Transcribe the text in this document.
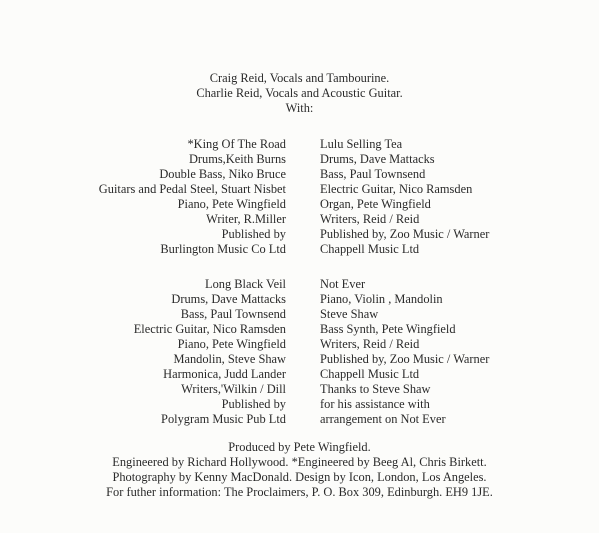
Craig Reid, Vocals and Tambourine.
Charlie Reid, Vocals and Acoustic Guitar.
With:
*King Of The Road
Drums,Keith Burns
Double Bass, Niko Bruce
Guitars and Pedal Steel, Stuart Nisbet
Piano, Pete Wingfield
Writer, R.Miller
Published by
Burlington Music Co Ltd
Lulu Selling Tea
Drums, Dave Mattacks
Bass, Paul Townsend
Electric Guitar, Nico Ramsden
Organ, Pete Wingfield
Writers, Reid / Reid
Published by, Zoo Music / Warner
Chappell Music Ltd
Long Black Veil
Drums, Dave Mattacks
Bass, Paul Townsend
Electric Guitar, Nico Ramsden
Piano, Pete Wingfield
Mandolin, Steve Shaw
Harmonica, Judd Lander
Writers,'Wilkin / Dill
Published by
Polygram Music Pub Ltd
Not Ever
Piano, Violin , Mandolin
Steve Shaw
Bass Synth, Pete Wingfield
Writers, Reid / Reid
Published by, Zoo Music / Warner
Chappell Music Ltd
Thanks to Steve Shaw
for his assistance with
arrangement on Not Ever
Produced by Pete Wingfield.
Engineered by Richard Hollywood. *Engineered by Beeg Al, Chris Birkett.
Photography by Kenny MacDonald. Design by Icon, London, Los Angeles.
For futher information: The Proclaimers, P. O. Box 309, Edinburgh. EH9 1JE.
